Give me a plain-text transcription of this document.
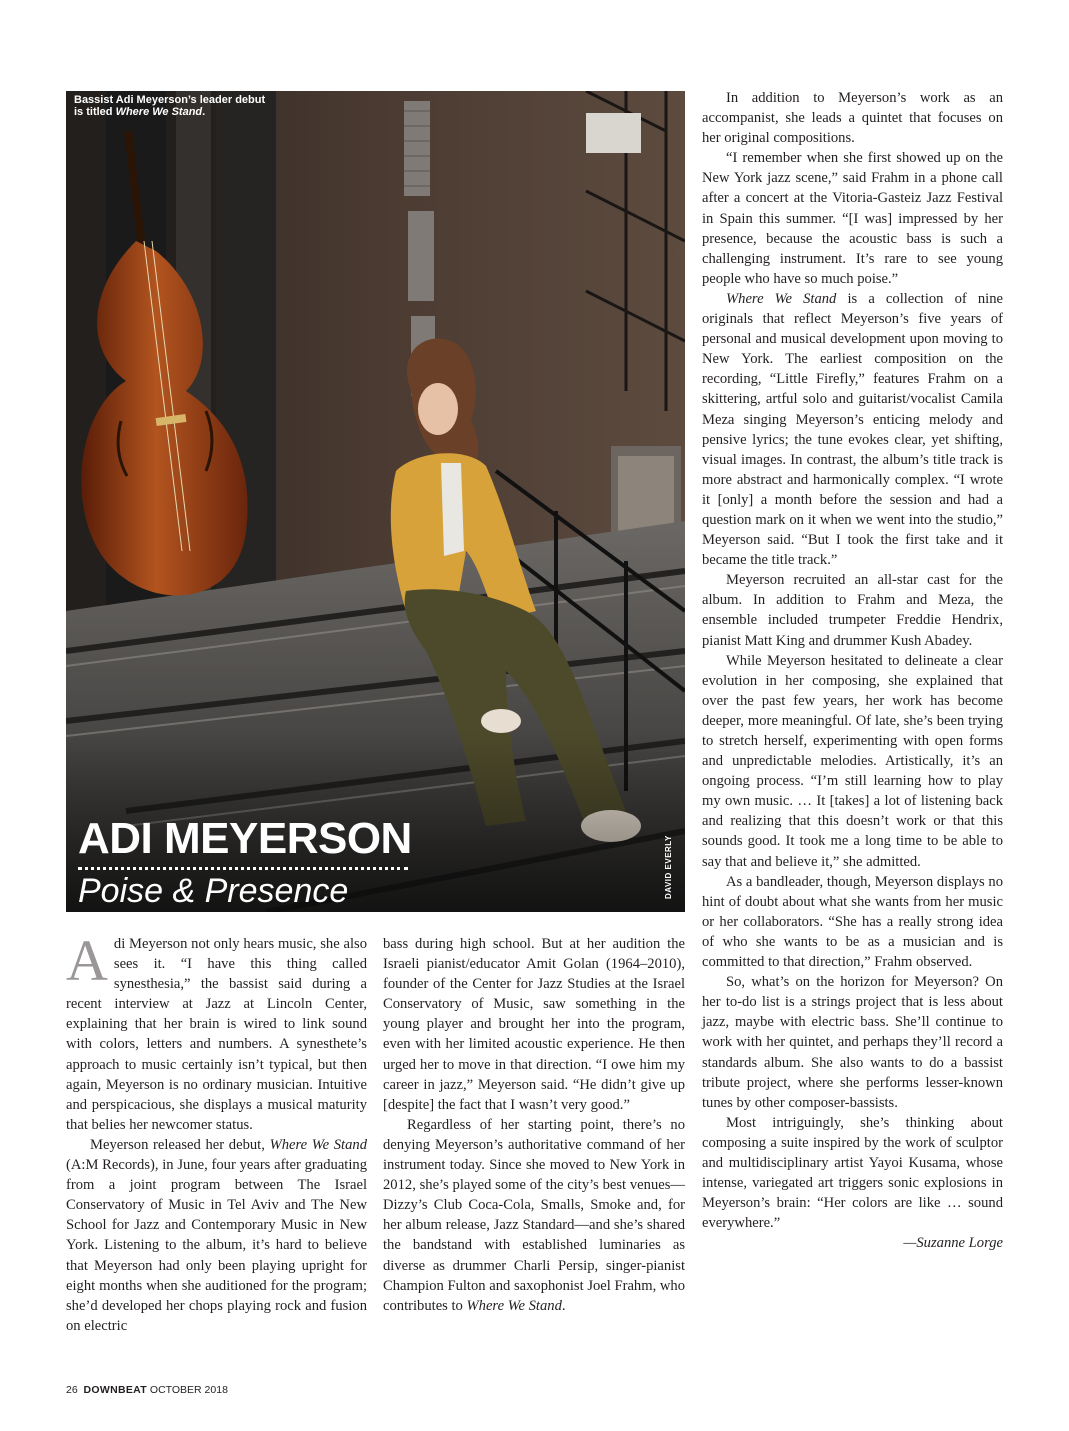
Bassist Adi Meyerson’s leader debut
is titled Where We Stand.
ADI MEYERSON
Poise & Presence	DAVID EVERLY

Adi Meyerson not only hears music, she also sees it. “I have this thing called synesthesia,” the bassist said during a recent interview at Jazz at Lincoln Center, explaining that her brain is wired to link sound with colors, letters and numbers. A synesthete’s approach to music certainly isn’t typical, but then again, Meyerson is no ordinary musician. Intuitive and perspicacious, she displays a musical maturity that belies her newcomer status.

Meyerson released her debut, Where We Stand (A:M Records), in June, four years after graduating from a joint program between The Israel Conservatory of Music in Tel Aviv and The New School for Jazz and Contemporary Music in New York. Listening to the album, it’s hard to believe that Meyerson had only been playing upright for eight months when she auditioned for the program; she’d developed her chops playing rock and fusion on electric

bass during high school. But at her audition the Israeli pianist/educator Amit Golan (1964–2010), founder of the Center for Jazz Studies at the Israel Conservatory of Music, saw something in the young player and brought her into the program, even with her limited acoustic experience. He then urged her to move in that direction. “I owe him my career in jazz,” Meyerson said. “He didn’t give up [despite] the fact that I wasn’t very good.”

Regardless of her starting point, there’s no denying Meyerson’s authoritative command of her instrument today. Since she moved to New York in 2012, she’s played some of the city’s best venues—Dizzy’s Club Coca-Cola, Smalls, Smoke and, for her album release, Jazz Standard—and she’s shared the bandstand with established luminaries as diverse as drummer Charli Persip, singer-pianist Champion Fulton and saxophonist Joel Frahm, who contributes to Where We Stand.

In addition to Meyerson’s work as an accompanist, she leads a quintet that focuses on her original compositions.

“I remember when she first showed up on the New York jazz scene,” said Frahm in a phone call after a concert at the Vitoria-Gasteiz Jazz Festival in Spain this summer. “[I was] impressed by her presence, because the acoustic bass is such a challenging instrument. It’s rare to see young people who have so much poise.”

Where We Stand is a collection of nine originals that reflect Meyerson’s five years of personal and musical development upon moving to New York. The earliest composition on the recording, “Little Firefly,” features Frahm on a skittering, artful solo and guitarist/vocalist Camila Meza singing Meyerson’s enticing melody and pensive lyrics; the tune evokes clear, yet shifting, visual images. In contrast, the album’s title track is more abstract and harmonically complex. “I wrote it [only] a month before the session and had a question mark on it when we went into the studio,” Meyerson said. “But I took the first take and it became the title track.”

Meyerson recruited an all-star cast for the album. In addition to Frahm and Meza, the ensemble included trumpeter Freddie Hendrix, pianist Matt King and drummer Kush Abadey.

While Meyerson hesitated to delineate a clear evolution in her composing, she explained that over the past few years, her work has become deeper, more meaningful. Of late, she’s been trying to stretch herself, experimenting with open forms and unpredictable melodies. Artistically, it’s an ongoing process. “I’m still learning how to play my own music. … It [takes] a lot of listening back and realizing that this doesn’t work or that this sounds good. It took me a long time to be able to say that and believe it,” she admitted.

As a bandleader, though, Meyerson displays no hint of doubt about what she wants from her music or her collaborators. “She has a really strong idea of who she wants to be as a musician and is committed to that direction,” Frahm observed.

So, what’s on the horizon for Meyerson? On her to-do list is a strings project that is less about jazz, maybe with electric bass. She’ll continue to work with her quintet, and perhaps they’ll record a standards album. She also wants to do a bassist tribute project, where she performs lesser-known tunes by other composer-bassists.

Most intriguingly, she’s thinking about composing a suite inspired by the work of sculptor and multidisciplinary artist Yayoi Kusama, whose intense, variegated art triggers sonic explosions in Meyerson’s brain: “Her colors are like … sound everywhere.”

—Suzanne Lorge

26 DOWNBEAT OCTOBER 2018
